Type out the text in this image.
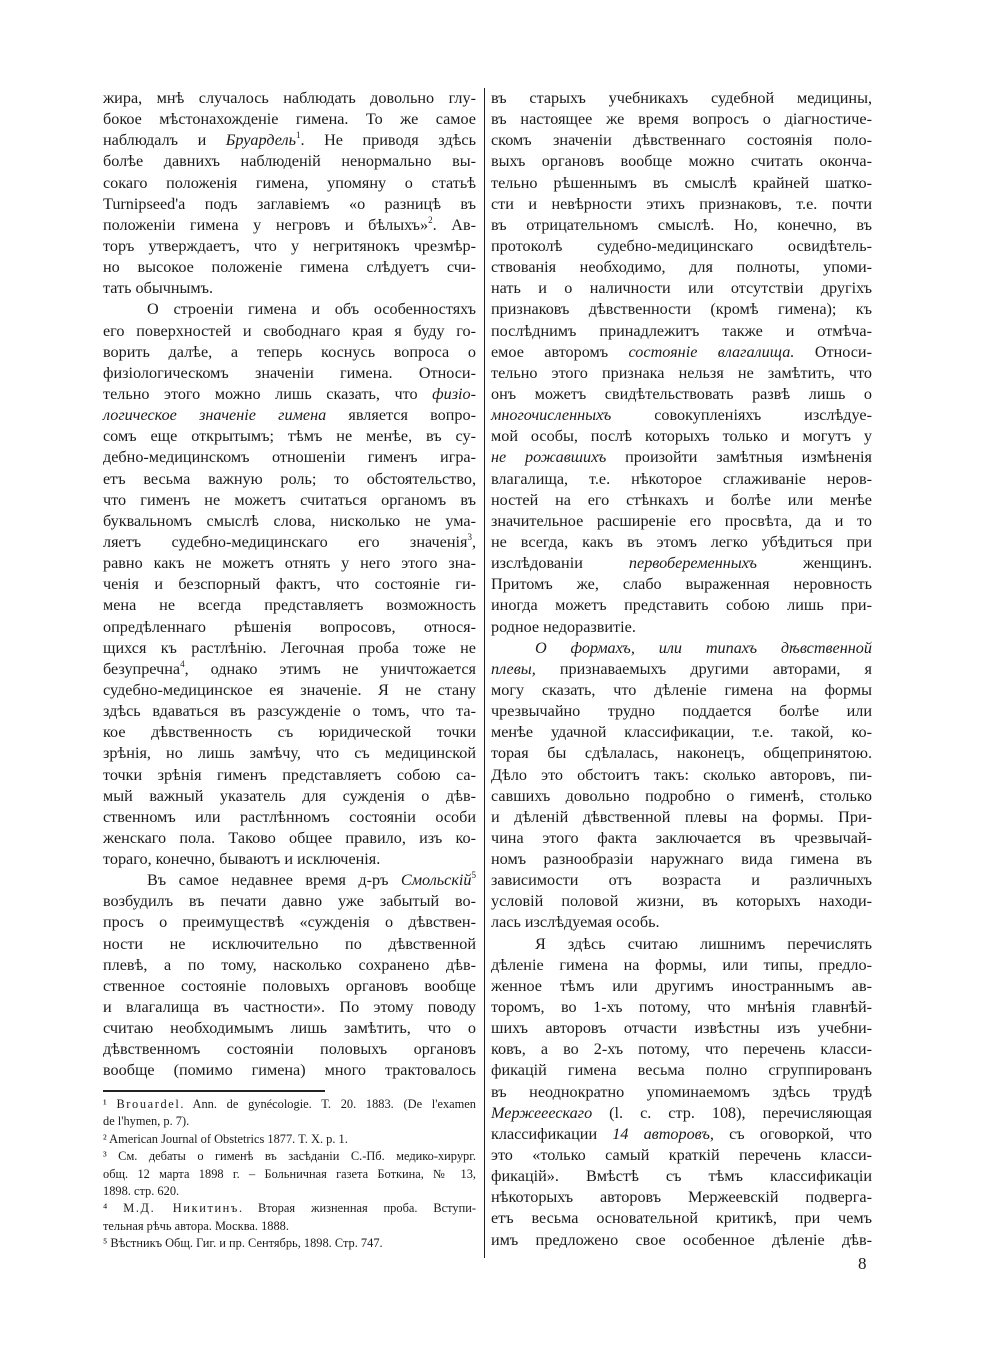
жира, мнѣ случалось наблюдать довольно глу-
бокое мѣстонахожденіе гимена. То же самое
наблюдалъ и Бруардель$^1$. Не приводя здѣсь
болѣе давнихъ наблюденій ненормально вы-
сокаго положенія гимена, упомяну о статьѣ
Turnipseed'a подъ заглавіемъ «о разницѣ въ
положеніи гимена у негровъ и бѣлыхъ»$^2$. Ав-
торъ утверждаетъ, что у негритянокъ чрезмѣр-
но высокое положеніе гимена слѣдуетъ счи-
тать обычнымъ.
О строеніи гимена и объ особенностяхъ
его поверхностей и свободнаго края я буду го-
ворить далѣе, а теперь коснусь вопроса о
физіологическомъ значеніи гимена. Относи-
тельно этого можно лишь сказать, что физіо-
логическое значеніе гимена является вопро-
сомъ еще открытымъ; тѣмъ не менѣе, въ су-
дебно-медицинскомъ отношеніи гименъ игра-
етъ весьма важную роль; то обстоятельство,
что гименъ не можетъ считаться органомъ въ
буквальномъ смыслѣ слова, нисколько не ума-
ляетъ судебно-медицинскаго его значенія$^3$,
равно какъ не можетъ отнять у него этого зна-
ченія и безспорный фактъ, что состояніе ги-
мена не всегда представляетъ возможность
опредѣленнаго рѣшенія вопросовъ, относя-
щихся къ растлѣнію. Легочная проба тоже не
безупречна$^4$, однако этимъ не уничтожается
судебно-медицинское ея значеніе. Я не стану
здѣсь вдаваться въ разсужденіе о томъ, что та-
кое дѣвственность съ юридической точки
зрѣнія, но лишь замѣчу, что съ медицинской
точки зрѣнія гименъ представляетъ собою са-
мый важный указатель для сужденія о дѣв-
ственномъ или растлѣнномъ состояніи особи
женскаго пола. Таково общее правило, изъ ко-
тораго, конечно, бываютъ и исключенія.
Въ самое недавнее время д-ръ Смольскій$^5$
возбудилъ въ печати давно уже забытый во-
просъ о преимуществѣ «сужденія о дѣвствен-
ности не исключительно по дѣвственной
плевѣ, а по тому, насколько сохранено дѣв-
ственное состояніе половыхъ органовъ вообще
и влагалища въ частности». По этому поводу
считаю необходимымъ лишь замѣтить, что о
дѣвственномъ состояніи половыхъ органовъ
вообще (помимо гимена) много трактовалось
въ старыхъ учебникахъ судебной медицины,
въ настоящее же время вопросъ о діагностиче-
скомъ значеніи дѣвственнаго состоянія поло-
выхъ органовъ вообще можно считать оконча-
тельно рѣшеннымъ въ смыслѣ крайней шатко-
сти и невѣрности этихъ признаковъ, т.е. почти
въ отрицательномъ смыслѣ. Но, конечно, въ
протоколѣ судебно-медицинскаго освидѣтель-
ствованія необходимо, для полноты, упоми-
нать и о наличности или отсутствіи другіхъ
признаковъ дѣвственности (кромѣ гимена); къ
послѣднимъ принадлежитъ также и отмѣча-
емое авторомъ состояніе влагалища. Относи-
тельно этого признака нельзя не замѣтить, что
онъ можетъ свидѣтельствовать развѣ лишь о
многочисленныхъ совокупленіяхъ изслѣдуе-
мой особы, послѣ которыхъ только и могутъ у
не рожавшихъ произойти замѣтныя измѣненія
влагалища, т.е. нѣкоторое сглаживаніе неров-
ностей на его стѣнкахъ и болѣе или менѣе
значительное расширеніе его просвѣта, да и то
не всегда, какъ въ этомъ легко убѣдиться при
изслѣдованіи первобеременныхъ женщинъ.
Притомъ же, слабо выраженная неровность
иногда можетъ представить собою лишь при-
родное недоразвитіе.
О формахъ, или типахъ дѣвственной
плевы, признаваемыхъ другими авторами, я
могу сказать, что дѣленіе гимена на формы
чрезвычайно трудно поддается болѣе или
менѣе удачной классификации, т.е. такой, ко-
торая бы сдѣлалась, наконецъ, общепринятою.
Дѣло это обстоитъ такъ: сколько авторовъ, пи-
савшихъ довольно подробно о гименѣ, столько
и дѣленій дѣвственной плевы на формы. При-
чина этого факта заключается въ чрезвычай-
номъ разнообразіи наружнаго вида гимена въ
зависимости отъ возраста и различныхъ
условій половой жизни, въ которыхъ находи-
лась изслѣдуемая особь.
Я здѣсь считаю лишнимъ перечислять
дѣленіе гимена на формы, или типы, предло-
женное тѣмъ или другимъ иностраннымъ ав-
торомъ, во 1-хъ потому, что мнѣнія главнѣй-
шихъ авторовъ отчасти извѣстны изъ учебни-
ковъ, а во 2-хъ потому, что перечень класси-
фикацій гимена весьма полно сгруппированъ
въ неоднократно упоминаемомъ здѣсь трудѣ
Мержееескаго (l. c. стр. 108), перечисляющая
классификации 14 авторовъ, съ оговоркой, что
это «только самый краткій перечень класси-
фикацій». Вмѣстѣ съ тѣмъ классификаціи
нѣкоторыхъ авторовъ Мержеевскій подверга-
етъ весьма основательной критикѣ, при чемъ
имъ предложено свое особенное дѣленіе дѣв-
¹ Brouardel. Ann. de gynécologie. T. 20. 1883. (De l'examen
de l'hymen, p. 7).
² American Journal of Obstetrics 1877. T. X. p. 1.
³ См. дебаты о гименѣ въ засѣданіи С.-Пб. медико-хирург.
общ. 12 марта 1898 г. – Больничная газета Боткина, № 13,
1898. стр. 620.
⁴ М.Д. Никитинъ. Вторая жизненная проба. Вступи-
тельная рѣчь автора. Москва. 1888.
⁵ Вѣстникъ Общ. Гиг. и пр. Сентябрь, 1898. Стр. 747.
8
